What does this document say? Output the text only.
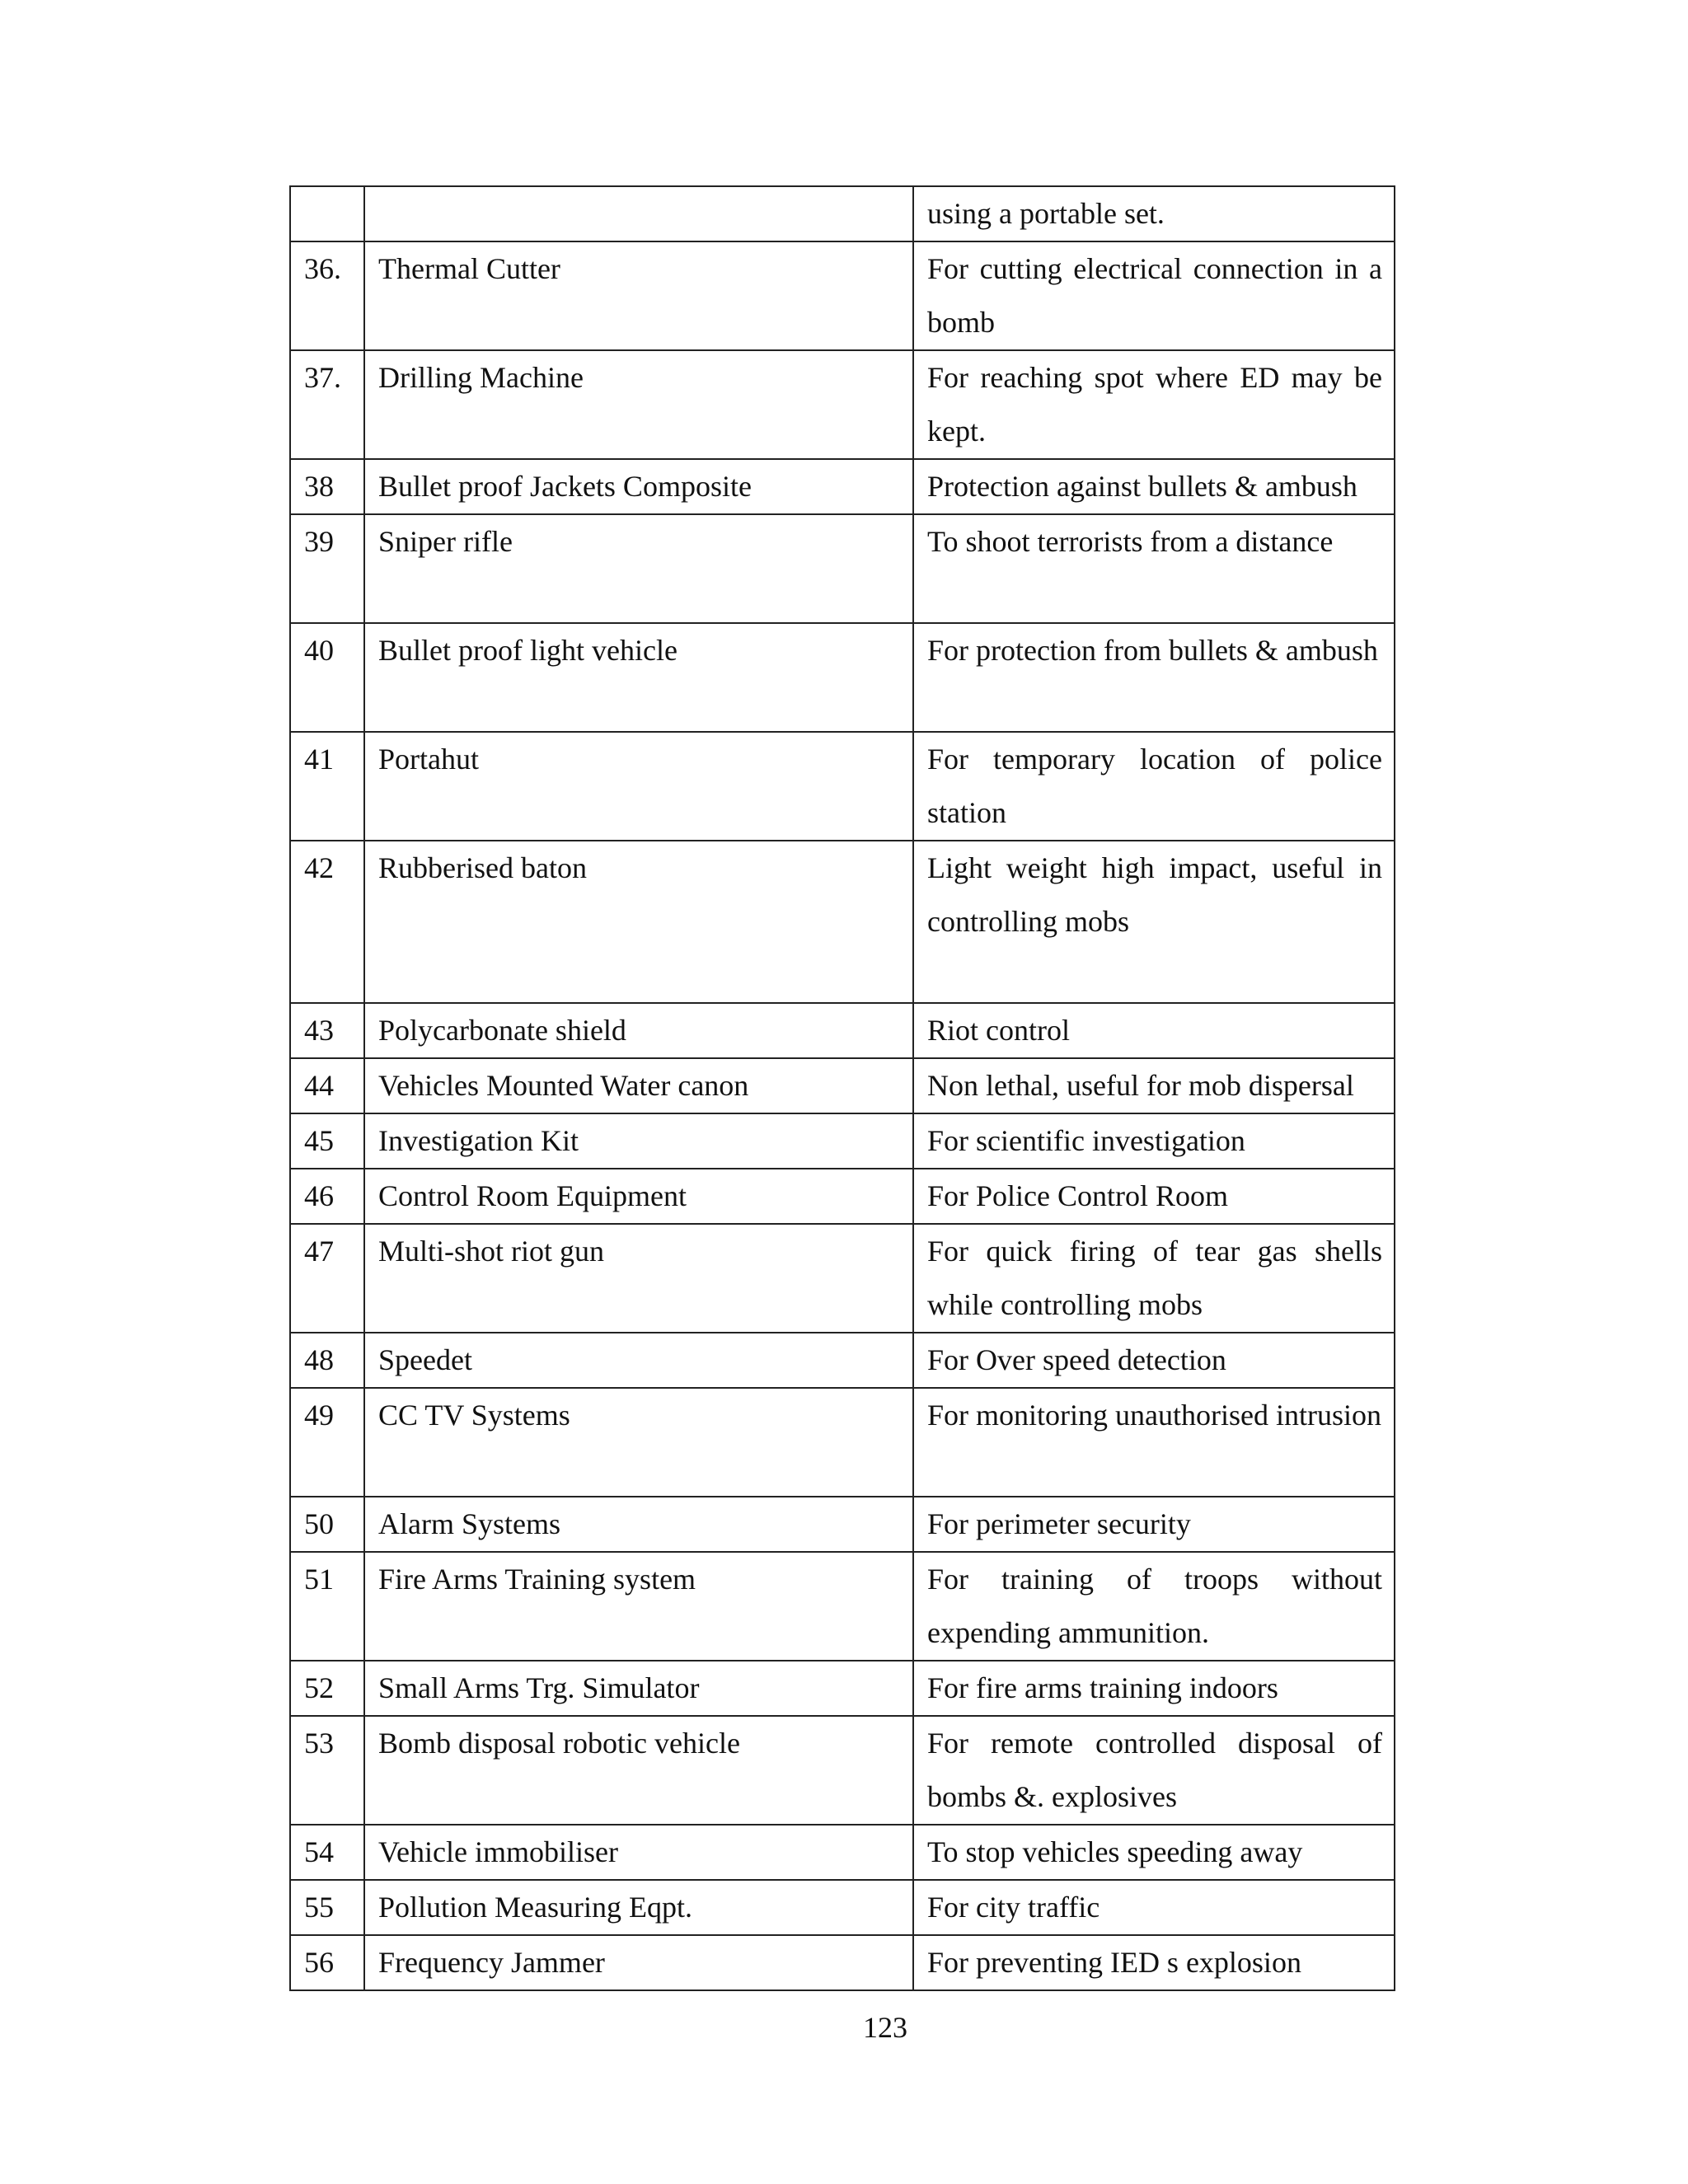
		using a portable set.
36.	Thermal Cutter	For cutting electrical connection in a bomb
37.	Drilling Machine	For reaching spot where ED may be kept.
38	Bullet proof Jackets Composite	Protection against bullets & ambush
39	Sniper rifle	To shoot terrorists from a distance
40	Bullet proof light vehicle	For protection from bullets & ambush
41	Portahut	For temporary location of police station
42	Rubberised baton	Light weight high impact, useful in controlling mobs
43	Polycarbonate shield	Riot control
44	Vehicles Mounted Water canon	Non lethal, useful for mob dispersal
45	Investigation Kit	For scientific investigation
46	Control Room Equipment	For Police Control Room
47	Multi-shot riot gun	For quick firing of tear gas shells while controlling mobs
48	Speedet	For Over speed detection
49	CC TV Systems	For monitoring unauthorised intrusion
50	Alarm Systems	For perimeter security
51	Fire Arms Training system	For training of troops without expending ammunition.
52	Small Arms Trg. Simulator	For fire arms training indoors
53	Bomb disposal robotic vehicle	For remote controlled disposal of bombs &. explosives
54	Vehicle immobiliser	To stop vehicles speeding away
55	Pollution Measuring Eqpt.	For city traffic
56	Frequency Jammer	For preventing IED s explosion
123
